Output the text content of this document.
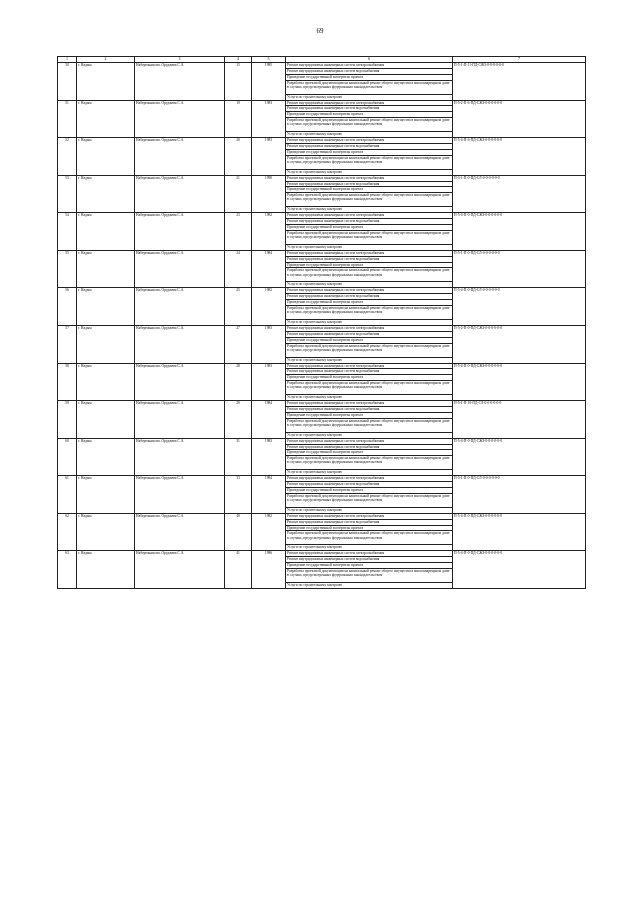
69
1	2	3	4	5	6	7
50	г. Надым	Набережная им. Оруджева С.А.	15	1985	Ремонт внутридомовых инженерных систем электроснабжения	П-5-1-П-11-ПД-СЖЗ-0-0-0-0-0-0
					Ремонт внутридомовых инженерных систем водоснабжения	
					Проведение государственной экспертизы проекта	
					Разработка проектной документации на капитальный ремонт общего имущества в многоквартирном доме в случаях, предусмотренных федеральным законодательством	
					Услуги по строительному контролю	
51	г. Надым	Набережная им. Оруджева С.А.	19	1983	Ремонт внутридомовых инженерных систем электроснабжения	П-5-2-П-6-ПД-СЖЗ-0-0-0-0-0-0
					Ремонт внутридомовых инженерных систем водоснабжения	
					Проведение государственной экспертизы проекта	
					Разработка проектной документации на капитальный ремонт общего имущества в многоквартирном доме в случаях, предусмотренных федеральным законодательством	
					Услуги по строительному контролю	
52	г. Надым	Набережная им. Оруджева С.А.	20	1983	Ремонт внутридомовых инженерных систем электроснабжения	П-5-4-П-6-ПД-СЖЗ-0-0-0-0-0-0
					Ремонт внутридомовых инженерных систем водоснабжения	
					Проведение государственной экспертизы проекта	
					Разработка проектной документации на капитальный ремонт общего имущества в многоквартирном доме в случаях, предусмотренных федеральным законодательством	
					Услуги по строительному контролю	
53	г. Надым	Набережная им. Оруджева С.А.	21	1990	Ремонт внутридомовых инженерных систем электроснабжения	П-3-1-П-0-ПД-СЛ-0-0-0-0-0-0
					Ремонт внутридомовых инженерных систем водоснабжения	
					Проведение государственной экспертизы проекта	
					Разработка проектной документации на капитальный ремонт общего имущества в многоквартирном доме в случаях, предусмотренных федеральным законодательством	
					Услуги по строительному контролю	
54	г. Надым	Набережная им. Оруджева С.А.	23	1982	Ремонт внутридомовых инженерных систем электроснабжения	П-5-4-П-0-ПД-СЖЗ-0-0-0-0-0-0
					Ремонт внутридомовых инженерных систем водоснабжения	
					Проведение государственной экспертизы проекта	
					Разработка проектной документации на капитальный ремонт общего имущества в многоквартирном доме в случаях, предусмотренных федеральным законодательством	
					Услуги по строительному контролю	
55	г. Надым	Набережная им. Оруджева С.А.	24	1984	Ремонт внутридомовых инженерных систем электроснабжения	П-5-1-П-0-ПД-СЛ-0-0-0-0-0-0
					Ремонт внутридомовых инженерных систем водоснабжения	
					Проведение государственной экспертизы проекта	
					Разработка проектной документации на капитальный ремонт общего имущества в многоквартирном доме в случаях, предусмотренных федеральным законодательством	
					Услуги по строительному контролю	
56	г. Надым	Набережная им. Оруджева С.А.	25	1982	Ремонт внутридомовых инженерных систем электроснабжения	П-5-4-П-0-ПД-СЛ-0-0-0-0-0-0
					Ремонт внутридомовых инженерных систем водоснабжения	
					Проведение государственной экспертизы проекта	
					Разработка проектной документации на капитальный ремонт общего имущества в многоквартирном доме в случаях, предусмотренных федеральным законодательством	
					Услуги по строительному контролю	
57	г. Надым	Набережная им. Оруджева С.А.	27	1983	Ремонт внутридомовых инженерных систем электроснабжения	П-5-2-П-0-ПД-СЖЗ-0-0-0-0-0-0
					Ремонт внутридомовых инженерных систем водоснабжения	
					Проведение государственной экспертизы проекта	
					Разработка проектной документации на капитальный ремонт общего имущества в многоквартирном доме в случаях, предусмотренных федеральным законодательством	
					Услуги по строительному контролю	
58	г. Надым	Набережная им. Оруджева С.А.	28	1983	Ремонт внутридомовых инженерных систем электроснабжения	П-5-4-П-0-ПД-СЖЗ-0-0-0-0-0-0
					Ремонт внутридомовых инженерных систем водоснабжения	
					Проведение государственной экспертизы проекта	
					Разработка проектной документации на капитальный ремонт общего имущества в многоквартирном доме в случаях, предусмотренных федеральным законодательством	
					Услуги по строительному контролю	
59	г. Надым	Набережная им. Оруджева С.А.	29	1984	Ремонт внутридомовых инженерных систем электроснабжения	П-5-1-П-10-ПД-СЛ-0-0-0-0-0-0
					Ремонт внутридомовых инженерных систем водоснабжения	
					Проведение государственной экспертизы проекта	
					Разработка проектной документации на капитальный ремонт общего имущества в многоквартирном доме в случаях, предусмотренных федеральным законодательством	
					Услуги по строительному контролю	
60	г. Надым	Набережная им. Оруджева С.А.	31	1983	Ремонт внутридомовых инженерных систем электроснабжения	П-5-4-П-0-ПД-СЖЗ-0-0-0-0-0-0
					Ремонт внутридомовых инженерных систем водоснабжения	
					Проведение государственной экспертизы проекта	
					Разработка проектной документации на капитальный ремонт общего имущества в многоквартирном доме в случаях, предусмотренных федеральным законодательством	
					Услуги по строительному контролю	
61	г. Надым	Набережная им. Оруджева С.А.	33	1984	Ремонт внутридомовых инженерных систем электроснабжения	П-5-1-П-0-ПД-СЛ-0-0-0-0-0-0
					Ремонт внутридомовых инженерных систем водоснабжения	
					Проведение государственной экспертизы проекта	
					Разработка проектной документации на капитальный ремонт общего имущества в многоквартирном доме в случаях, предусмотренных федеральным законодательством	
					Услуги по строительному контролю	
62	г. Надым	Набережная им. Оруджева С.А.	40	1982	Ремонт внутридомовых инженерных систем электроснабжения	П-5-4-П-0-ПД-СЖЗ-0-0-0-0-0-0
					Ремонт внутридомовых инженерных систем водоснабжения	
					Проведение государственной экспертизы проекта	
					Разработка проектной документации на капитальный ремонт общего имущества в многоквартирном доме в случаях, предусмотренных федеральным законодательством	
					Услуги по строительному контролю	
63	г. Надым	Набережная им. Оруджева С.А.	41	1986	Ремонт внутридомовых инженерных систем электроснабжения	П-5-4-П-0-ПД-СЖЗ-0-0-0-0-0-0
					Ремонт внутридомовых инженерных систем водоснабжения	
					Проведение государственной экспертизы проекта	
					Разработка проектной документации на капитальный ремонт общего имущества в многоквартирном доме в случаях, предусмотренных федеральным законодательством	
					Услуги по строительному контролю	
